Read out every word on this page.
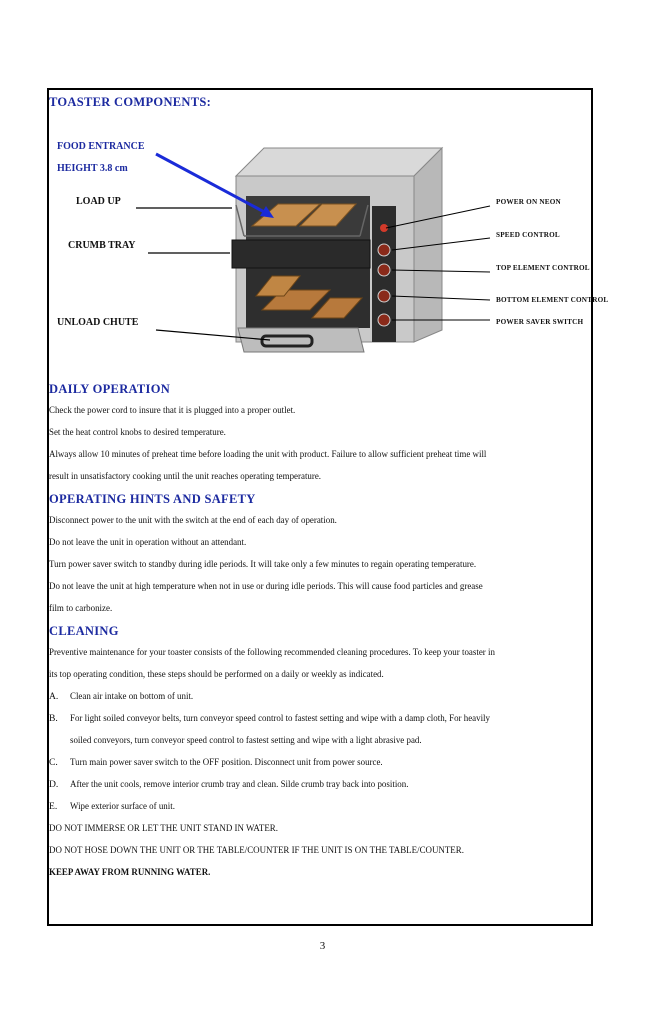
TOASTER COMPONENTS:
FOOD ENTRANCE
HEIGHT 3.8 cm
LOAD UP
CRUMB TRAY
UNLOAD CHUTE
POWER ON NEON
SPEED CONTROL
TOP ELEMENT CONTROL
BOTTOM ELEMENT CONTROL
POWER SAVER SWITCH
DAILY OPERATION
Check the power cord to insure that it is plugged into a proper outlet.
Set the heat control knobs to desired temperature.
Always allow 10 minutes of preheat time before loading the unit with product. Failure to allow sufficient preheat time will
result in unsatisfactory cooking until the unit reaches operating temperature.
OPERATING HINTS AND SAFETY
Disconnect power to the unit with the switch at the end of each day of operation.
Do not leave the unit in operation without an attendant.
Turn power saver switch to standby during idle periods. It will take only a few minutes to regain operating temperature.
Do not leave the unit at high temperature when not in use or during idle periods. This will cause food particles and grease
film to carbonize.
CLEANING
Preventive maintenance for your toaster consists of the following recommended cleaning procedures. To keep your toaster in
its top operating condition, these steps should be performed on a daily or weekly as indicated.
A. Clean air intake on bottom of unit.
B. For light soiled conveyor belts, turn conveyor speed control to fastest setting and wipe with a damp cloth, For heavily
soiled conveyors, turn conveyor speed control to fastest setting and wipe with a light abrasive pad.
C. Turn main power saver switch to the OFF position. Disconnect unit from power source.
D. After the unit cools, remove interior crumb tray and clean. Silde crumb tray back into position.
E. Wipe exterior surface of unit.
DO NOT IMMERSE OR LET THE UNIT STAND IN WATER.
DO NOT HOSE DOWN THE UNIT OR THE TABLE/COUNTER IF THE UNIT IS ON THE TABLE/COUNTER.
KEEP AWAY FROM RUNNING WATER.
3
